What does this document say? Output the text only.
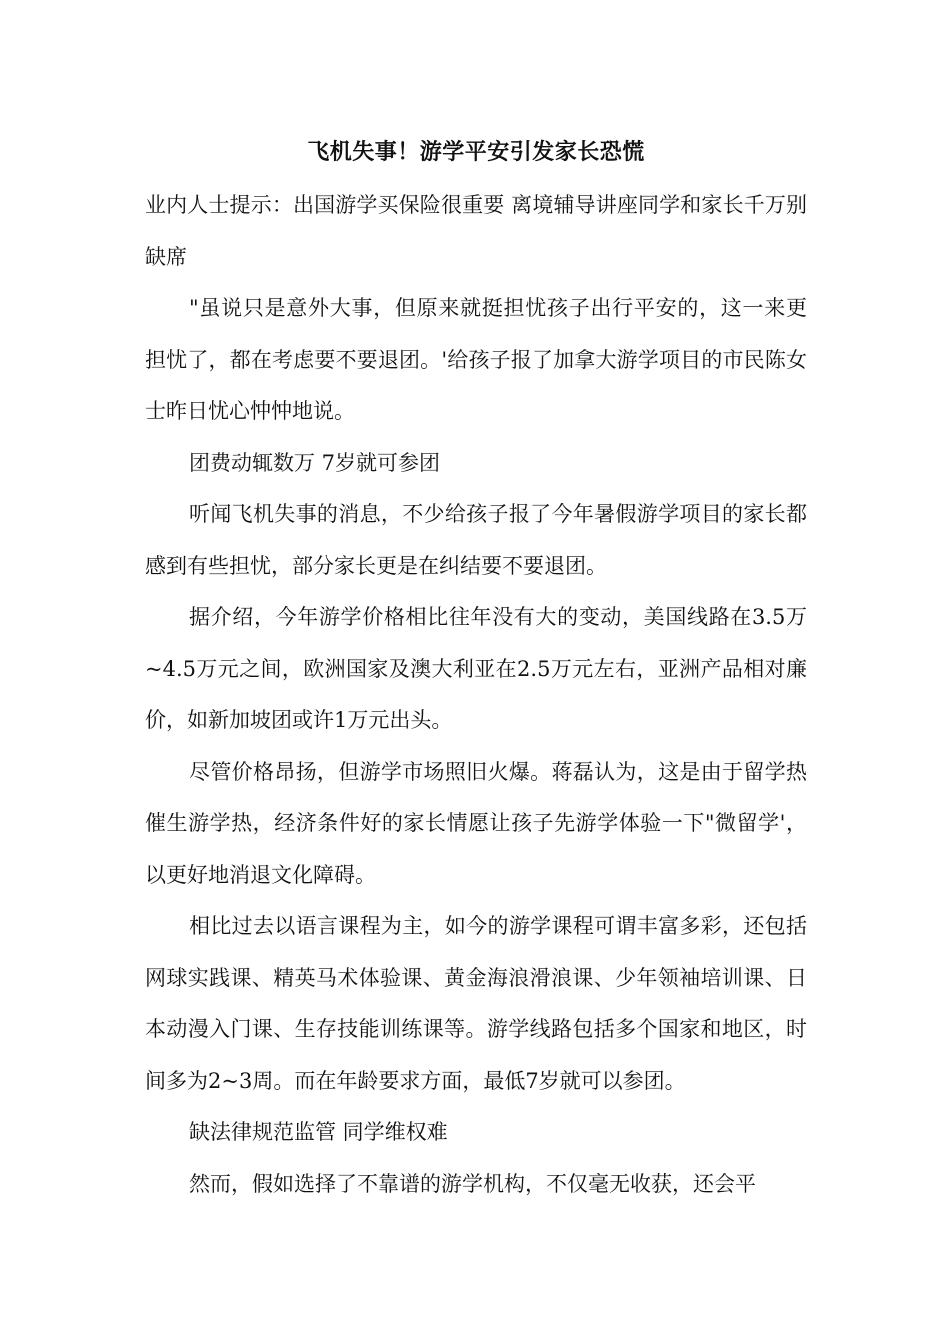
飞机失事！游学平安引发家长恐慌

业内人士提示：出国游学买保险很重要 离境辅导讲座同学和家长千万别缺席

"虽说只是意外大事，但原来就挺担忧孩子出行平安的，这一来更担忧了，都在考虑要不要退团。'给孩子报了加拿大游学项目的市民陈女士昨日忧心忡忡地说。

团费动辄数万 7岁就可参团

听闻飞机失事的消息，不少给孩子报了今年暑假游学项目的家长都感到有些担忧，部分家长更是在纠结要不要退团。

据介绍，今年游学价格相比往年没有大的变动，美国线路在3.5万~4.5万元之间，欧洲国家及澳大利亚在2.5万元左右，亚洲产品相对廉价，如新加坡团或许1万元出头。

尽管价格昂扬，但游学市场照旧火爆。蒋磊认为，这是由于留学热催生游学热，经济条件好的家长情愿让孩子先游学体验一下"微留学'，以更好地消退文化障碍。

相比过去以语言课程为主，如今的游学课程可谓丰富多彩，还包括网球实践课、精英马术体验课、黄金海浪滑浪课、少年领袖培训课、日本动漫入门课、生存技能训练课等。游学线路包括多个国家和地区，时间多为2~3周。而在年龄要求方面，最低7岁就可以参团。

缺法律规范监管 同学维权难

然而，假如选择了不靠谱的游学机构，不仅毫无收获，还会平
